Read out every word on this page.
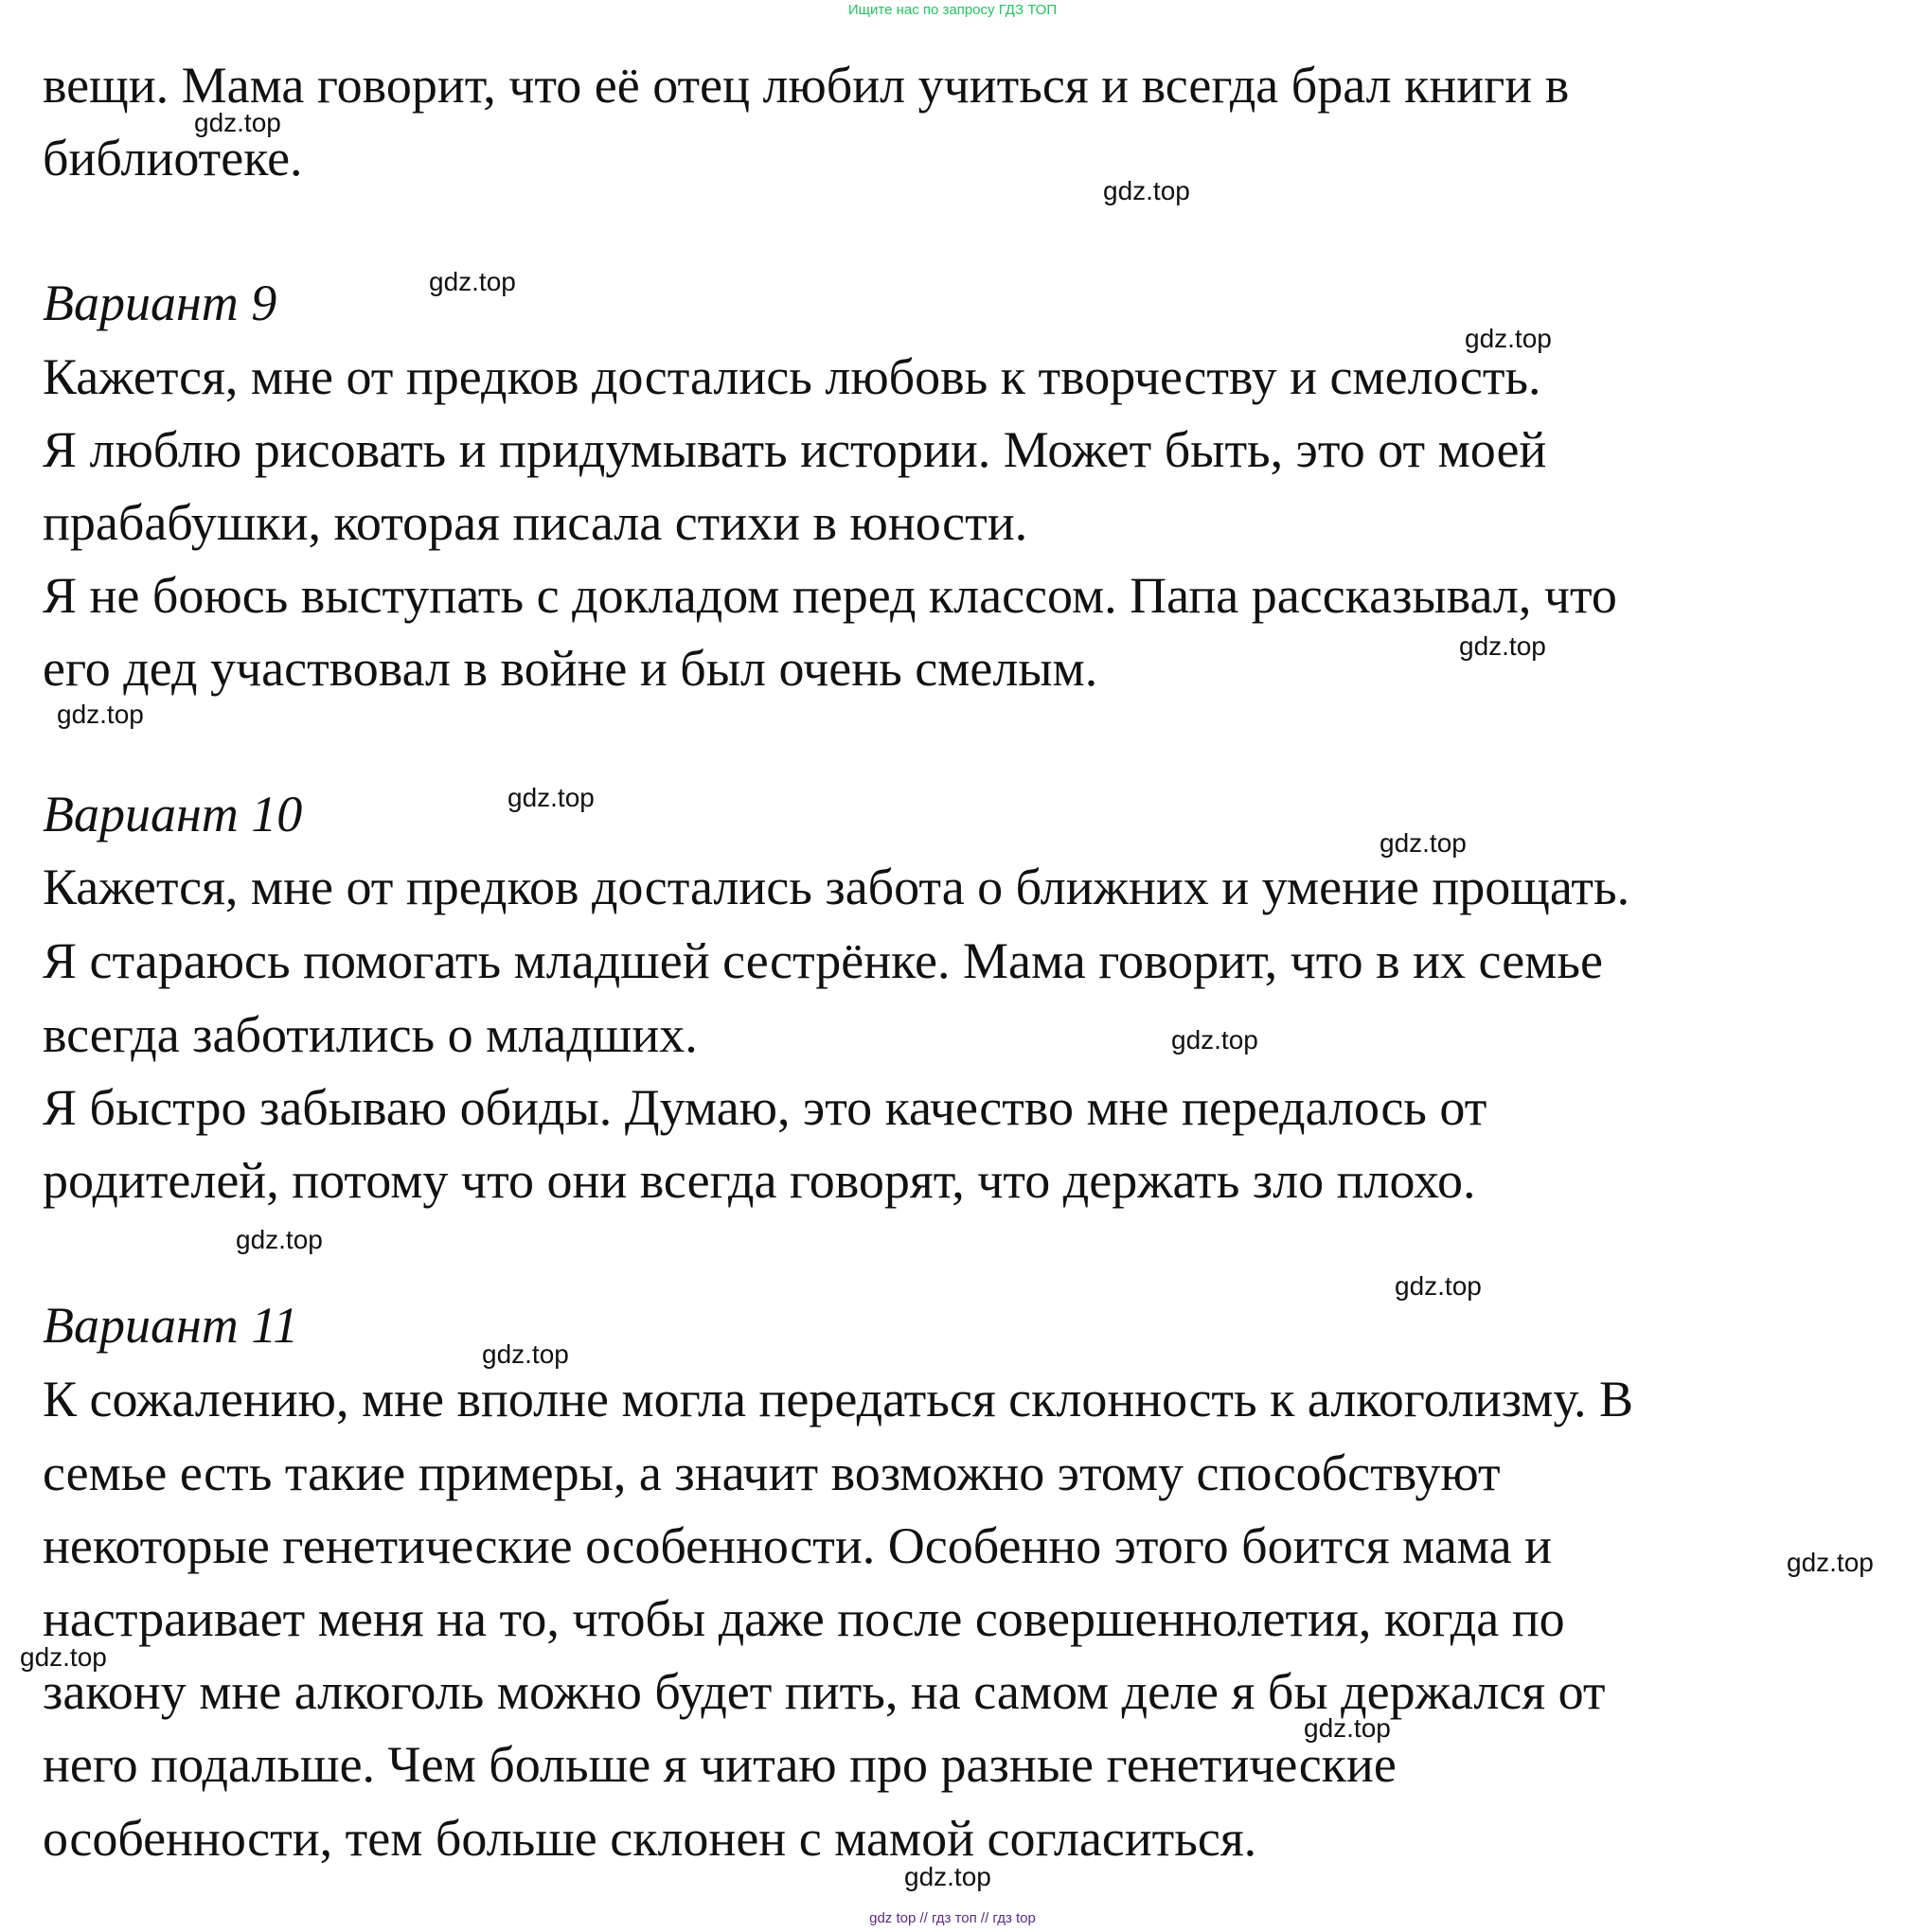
Ищите нас по запросу ГДЗ ТОП
вещи. Мама говорит, что её отец любил учиться и всегда брал книги в
библиотеке.
Вариант 9
Кажется, мне от предков достались любовь к творчеству и смелость.
Я люблю рисовать и придумывать истории. Может быть, это от моей
прабабушки, которая писала стихи в юности.
Я не боюсь выступать с докладом перед классом. Папа рассказывал, что
его дед участвовал в войне и был очень смелым.
Вариант 10
Кажется, мне от предков достались забота о ближних и умение прощать.
Я стараюсь помогать младшей сестрёнке. Мама говорит, что в их семье
всегда заботились о младших.
Я быстро забываю обиды. Думаю, это качество мне передалось от
родителей, потому что они всегда говорят, что держать зло плохо.
Вариант 11
К сожалению, мне вполне могла передаться склонность к алкоголизму. В
семье есть такие примеры, а значит возможно этому способствуют
некоторые генетические особенности. Особенно этого боится мама и
настраивает меня на то, чтобы даже после совершеннолетия, когда по
закону мне алкоголь можно будет пить, на самом деле я бы держался от
него подальше. Чем больше я читаю про разные генетические
особенности, тем больше склонен с мамой согласиться.
gdz.top
gdz.top
gdz.top
gdz.top
gdz.top
gdz.top
gdz.top
gdz.top
gdz.top
gdz.top
gdz.top
gdz.top
gdz.top
gdz.top
gdz.top
gdz.top
gdz top // гдз топ // гдз top
